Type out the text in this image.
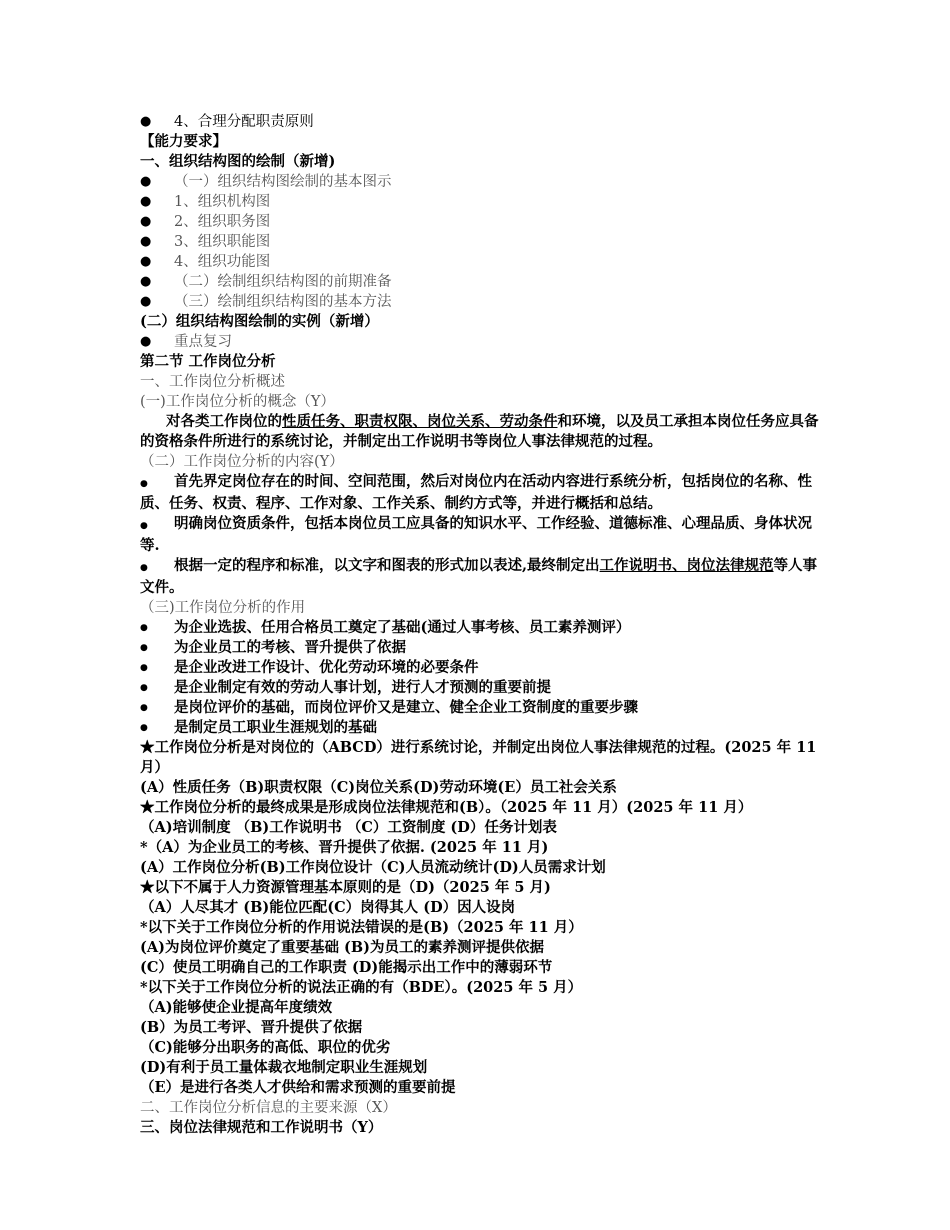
●	4、合理分配职责原则
【能力要求】
一、组织结构图的绘制（新增)
●	（一）组织结构图绘制的基本图示
●	1、组织机构图
●	2、组织职务图
●	3、组织职能图
●	4、组织功能图
●	（二）绘制组织结构图的前期准备
●	（三）绘制组织结构图的基本方法
(二）组织结构图绘制的实例（新增）
●	重点复习
第二节 工作岗位分析
一、工作岗位分析概述
(一)工作岗位分析的概念（Y）
对各类工作岗位的性质任务、职责权限、岗位关系、劳动条件和环境，以及员工承担本岗位任务应具备的资格条件所进行的系统讨论，并制定出工作说明书等岗位人事法律规范的过程。
（二）工作岗位分析的内容(Y）
● 首先界定岗位存在的时间、空间范围，然后对岗位内在活动内容进行系统分析，包括岗位的名称、性质、任务、权责、程序、工作对象、工作关系、制约方式等，并进行概括和总结。
● 明确岗位资质条件，包括本岗位员工应具备的知识水平、工作经验、道德标准、心理品质、身体状况等.
● 根据一定的程序和标准，以文字和图表的形式加以表述,最终制定出工作说明书、岗位法律规范等人事文件。
（三)工作岗位分析的作用
●	为企业选拔、任用合格员工奠定了基础(通过人事考核、员工素养测评）
●	为企业员工的考核、晋升提供了依据
●	是企业改进工作设计、优化劳动环境的必要条件
●	是企业制定有效的劳动人事计划，进行人才预测的重要前提
●	是岗位评价的基础，而岗位评价又是建立、健全企业工资制度的重要步骤
●	是制定员工职业生涯规划的基础
★工作岗位分析是对岗位的（ABCD）进行系统讨论，并制定出岗位人事法律规范的过程。(2025 年 11 月）
(A）性质任务（B)职责权限（C)岗位关系(D)劳动环境(E）员工社会关系
★工作岗位分析的最终成果是形成岗位法律规范和(B）。（2025 年 11 月）(2025 年 11 月）
（A)培训制度 （B)工作说明书 （C）工资制度 (D）任务计划表
*（A）为企业员工的考核、晋升提供了依据. (2025 年 11 月)
(A）工作岗位分析(B)工作岗位设计（C)人员流动统计(D)人员需求计划
★以下不属于人力资源管理基本原则的是（D)（2025 年 5 月)
（A）人尽其才 (B)能位匹配(C）岗得其人 (D）因人设岗
*以下关于工作岗位分析的作用说法错误的是(B)（2025 年 11 月）
(A)为岗位评价奠定了重要基础 (B)为员工的素养测评提供依据
(C）使员工明确自己的工作职责 (D)能揭示出工作中的薄弱环节
*以下关于工作岗位分析的说法正确的有（BDE）。(2025 年 5 月）
（A)能够使企业提高年度绩效
(B）为员工考评、晋升提供了依据
（C)能够分出职务的高低、职位的优劣
(D)有利于员工量体裁衣地制定职业生涯规划
（E）是进行各类人才供给和需求预测的重要前提
二、工作岗位分析信息的主要来源（X）
三、岗位法律规范和工作说明书（Y）
